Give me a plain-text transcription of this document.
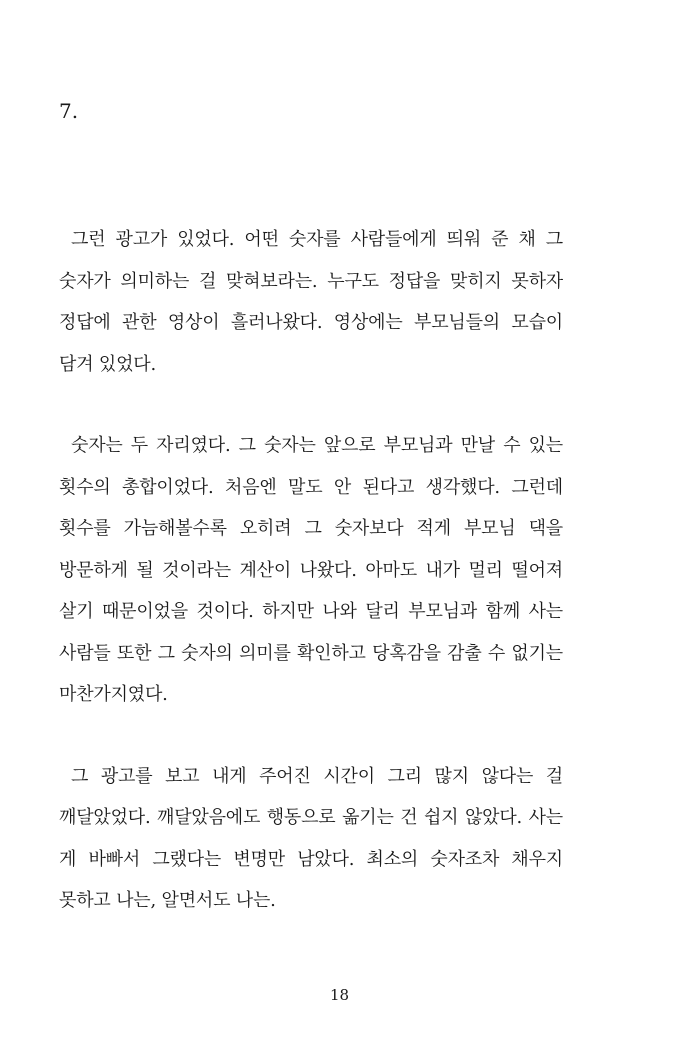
7.

그런 광고가 있었다. 어떤 숫자를 사람들에게 띄워 준 채 그 숫자가 의미하는 걸 맞혀보라는. 누구도 정답을 맞히지 못하자 정답에 관한 영상이 흘러나왔다. 영상에는 부모님들의 모습이 담겨 있었다.

숫자는 두 자리였다. 그 숫자는 앞으로 부모님과 만날 수 있는 횟수의 총합이었다. 처음엔 말도 안 된다고 생각했다. 그런데 횟수를 가늠해볼수록 오히려 그 숫자보다 적게 부모님 댁을 방문하게 될 것이라는 계산이 나왔다. 아마도 내가 멀리 떨어져 살기 때문이었을 것이다. 하지만 나와 달리 부모님과 함께 사는 사람들 또한 그 숫자의 의미를 확인하고 당혹감을 감출 수 없기는 마찬가지였다.

그 광고를 보고 내게 주어진 시간이 그리 많지 않다는 걸 깨달았었다. 깨달았음에도 행동으로 옮기는 건 쉽지 않았다. 사는 게 바빠서 그랬다는 변명만 남았다. 최소의 숫자조차 채우지 못하고 나는, 알면서도 나는.

18
